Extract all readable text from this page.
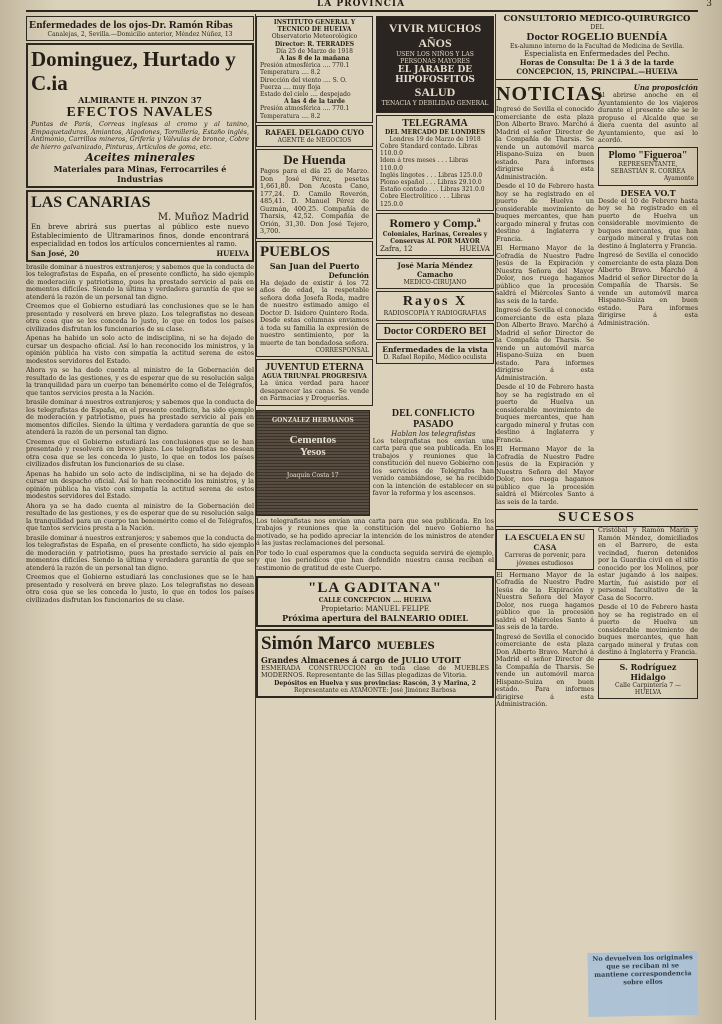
LA PROVINCIA	3
Enfermedades de los ojos-Dr. Ramón Ribas
Canalejas, 2, Sevilla.—Domicilio anterior, Méndez Núñez, 13
Dominguez, Hurtado y C.ia
ALMIRANTE H. PINZON 37
EFECTOS NAVALES
Puntas de París, Correas inglesas al cromo y al tanino, Empaquetaduras, Amiantos, Algodones, Tornillería, Estaño inglés, Antimonio, Carrillos mineros, Grifería y Válvulas de bronce, Cobre de hierro galvanizado, Pinturas, Artículos de goma, etc.
Aceites minerales
Materiales para Minas, Ferrocarriles é Industrias
LAS CANARIAS
M. Muñoz Madrid
En breve abrirá sus puertas al público este nuevo Establecimiento de Ultramarinos finos, donde encontrará especialidad en todos los artículos concernientes al ramo.
San José, 20	HUELVA
brasile dominar á nuestros extranjeros; y sabemos que la conducta de los telegrafistas de España, en el presente conflicto, ha sido ejemplo de moderación y patriotismo, pues ha prestado servicio al país en momentos difíciles. Siendo la última y verdadera garantía de que se atenderá la razón de un personal tan digno.
Creemos que el Gobierno estudiará las conclusiones que se le han presentado y resolverá en breve plazo. Los telegrafistas no desean otra cosa que se les conceda lo justo, lo que en todos los países civilizados disfrutan los funcionarios de su clase.
Apenas ha habido un solo acto de indisciplina, ni se ha dejado de cursar un despacho oficial. Así lo han reconocido los ministros, y la opinión pública ha visto con simpatía la actitud serena de estos modestos servidores del Estado.
Ahora ya se ha dado cuenta al ministro de la Gobernación del resultado de las gestiones, y es de esperar que de su resolución salga la tranquilidad para un cuerpo tan benemérito como el de Telégrafos, que tantos servicios presta a la Nación.
brasile dominar á nuestros extranjeros; y sabemos que la conducta de los telegrafistas de España, en el presente conflicto, ha sido ejemplo de moderación y patriotismo, pues ha prestado servicio al país en momentos difíciles. Siendo la última y verdadera garantía de que se atenderá la razón de un personal tan digno.
Creemos que el Gobierno estudiará las conclusiones que se le han presentado y resolverá en breve plazo. Los telegrafistas no desean otra cosa que se les conceda lo justo, lo que en todos los países civilizados disfrutan los funcionarios de su clase.
Apenas ha habido un solo acto de indisciplina, ni se ha dejado de cursar un despacho oficial. Así lo han reconocido los ministros, y la opinión pública ha visto con simpatía la actitud serena de estos modestos servidores del Estado.
Ahora ya se ha dado cuenta al ministro de la Gobernación del resultado de las gestiones, y es de esperar que de su resolución salga la tranquilidad para un cuerpo tan benemérito como el de Telégrafos, que tantos servicios presta a la Nación.
brasile dominar á nuestros extranjeros; y sabemos que la conducta de los telegrafistas de España, en el presente conflicto, ha sido ejemplo de moderación y patriotismo, pues ha prestado servicio al país en momentos difíciles. Siendo la última y verdadera garantía de que se atenderá la razón de un personal tan digno.
Creemos que el Gobierno estudiará las conclusiones que se le han presentado y resolverá en breve plazo. Los telegrafistas no desean otra cosa que se les conceda lo justo, lo que en todos los países civilizados disfrutan los funcionarios de su clase.
INSTITUTO GENERAL Y TECNICO DE HUELVA
Observatorio Meteorológico
Director: R. TERRADES
Día 25 de Marzo de 1918
A las 8 de la mañana
Presión atmosférica .... 770.1
Temperatura .... 8.2
Dirección del viento .... S. O.
Fuerza .... muy floja
Estado del cielo .... despejado
A las 4 de la tarde
Presión atmosférica .... 770.1
Temperatura .... 8.2
RAFAEL DELGADO CUYO
AGENTE de NEGOCIOS
De Huenda
Pagos para el día 25 de Marzo. Don José Pérez, pesetas 1,661,80. Don Acosta Cano, 177,24. D. Camilo Roverón, 485,41. D. Manuel Pérez de Guzmán, 400,25. Compañía de Tharsis, 42,52. Compañía de Orión, 31,30. Don José Tejero, 3,700.
PUEBLOS
San Juan del Puerto
Defunción
Ha dejado de existir á los 72 años de edad, la respetable señora doña Josefa Roda, madre de nuestro estimado amigo el Doctor D. Isidoro Quintero Roda. Desde estas columnas enviamos á toda su familia la expresión de nuestro sentimiento, por la muerte de tan bondadosa señora.
CORRESPONSAL
JUVENTUD ETERNA
AGUA TRIUNFAL PROGRESIVA
La única verdad para hacer desaparecer las canas. Se vende en Farmacias y Droguerías.
VIVIR MUCHOS AÑOS
USEN LOS NIÑOS Y LAS PERSONAS MAYORES
EL JARABE DE HIPOFOSFITOS
SALUD
TENACIA Y DEBILIDAD GENERAL
TELEGRAMA
DEL MERCADO DE LONDRES
Londres 19 de Marzo de 1918
Cobre Standard contado. Libras 110.0.0
Idem á tres meses . . . Libras 110.0.0
Inglés lingotes . . . Libras 125.0.0
Plomo español . . . Libras 29.10.0
Estaño contado . . . Libras 321.0.0
Cobre Electrolítico . . . Libras 125.0.0
Romero y Comp.ª
Coloniales, Harinas, Cereales y Conservas AL POR MAYOR
Zafra, 12	HUELVA
José María Méndez Camacho
MEDICO-CIRUJANO
Rayos X
RADIOSCOPIA Y RADIOGRAFIAS
Doctor CORDERO BEI
Enfermedades de la vista
D. Rafael Ropiño, Médico oculista
GONZALEZ HERMANOS
Cementos
Yesos
Joaquín Costa 17
DEL CONFLICTO PASADO
Hablan los telegrafistas
Los telegrafistas nos envían una carta para que sea publicada. En los trabajos y reuniones que la constitución del nuevo Gobierno con los servicios de Telégrafos han venido cambiándose, se ha recibido con la intención de establecer en su favor la reforma y los ascensos.
Los telegrafistas nos envían una carta para que sea publicada. En los trabajos y reuniones que la constitución del nuevo Gobierno ha motivado, se ha podido apreciar la intención de los ministros de atender á las justas reclamaciones del personal.
Por todo lo cual esperamos que la conducta seguida servirá de ejemplo, y que los periódicos que han defendido nuestra causa reciban el testimonio de gratitud de este Cuerpo.
"LA GADITANA"
CALLE CONCEPCION .... HUELVA
Propietario: MANUEL FELIPE
Próxima apertura del BALNEARIO ODIEL
Simón Marco MUEBLES
Grandes Almacenes á cargo de JULIO UTOIT
ESMERADA CONSTRUCCION en toda clase de MUEBLES MODERNOS. Representante de las Sillas plegadizas de Vitoria.
Depósitos en Huelva y sus provincias: Rascón, 3 y Marina, 2
Representante en AYAMONTE: José Jiménez Barbosa
CONSULTORIO MÉDICO-QUIRÚRGICO
DEL
Doctor ROGELIO BUENDÍA
Ex-alumno interno de la Facultad de Medicina de Sevilla.
Especialista en Enfermedades del Pecho.
Horas de Consulta: De 1 á 3 de la tarde
CONCEPCION, 15, PRINCIPAL.—HUELVA
NOTICIAS
Ingresó de Sevilla el conocido comerciante de esta plaza Don Alberto Bravo. Marchó á Madrid el señor Director de la Compañía de Tharsis. Se vende un automóvil marca Hispano-Suiza en buen estado. Para informes dirigirse á esta Administración.
Desde el 10 de Febrero hasta hoy se ha registrado en el puerto de Huelva un considerable movimiento de buques mercantes, que han cargado mineral y frutas con destino á Inglaterra y Francia.
El Hermano Mayor de la Cofradía de Nuestro Padre Jesús de la Expiración y Nuestra Señora del Mayor Dolor, nos ruega hagamos público que la procesión saldrá el Miércoles Santo á las seis de la tarde.
Ingresó de Sevilla el conocido comerciante de esta plaza Don Alberto Bravo. Marchó á Madrid el señor Director de la Compañía de Tharsis. Se vende un automóvil marca Hispano-Suiza en buen estado. Para informes dirigirse á esta Administración.
Desde el 10 de Febrero hasta hoy se ha registrado en el puerto de Huelva un considerable movimiento de buques mercantes, que han cargado mineral y frutas con destino á Inglaterra y Francia.
El Hermano Mayor de la Cofradía de Nuestro Padre Jesús de la Expiración y Nuestra Señora del Mayor Dolor, nos ruega hagamos público que la procesión saldrá el Miércoles Santo á las seis de la tarde.
Una proposición
Al abrirse anoche en el Ayuntamiento de los viajeros durante el presente año se le propuso el Alcalde que se diera cuenta del asunto al Ayuntamiento, que así lo acordó.
Plomo "Figueroa"
REPRESENTANTE, SEBASTIÁN R. CORREA
Ayamonte
DESEA VO.T
Desde el 10 de Febrero hasta hoy se ha registrado en el puerto de Huelva un considerable movimiento de buques mercantes, que han cargado mineral y frutas con destino á Inglaterra y Francia.
Ingresó de Sevilla el conocido comerciante de esta plaza Don Alberto Bravo. Marchó á Madrid el señor Director de la Compañía de Tharsis. Se vende un automóvil marca Hispano-Suiza en buen estado. Para informes dirigirse á esta Administración.
SUCESOS
LA ESCUELA EN SU CASA
Carreras de porvenir, para jóvenes estudiosos
El Hermano Mayor de la Cofradía de Nuestro Padre Jesús de la Expiración y Nuestra Señora del Mayor Dolor, nos ruega hagamos público que la procesión saldrá el Miércoles Santo á las seis de la tarde.
Ingresó de Sevilla el conocido comerciante de esta plaza Don Alberto Bravo. Marchó á Madrid el señor Director de la Compañía de Tharsis. Se vende un automóvil marca Hispano-Suiza en buen estado. Para informes dirigirse á esta Administración.
Cristóbal y Ramón Marín y Ramón Méndez, domiciliados en el Barrero, de esta vecindad, fueron detenidos por la Guardia civil en el sitio conocido por los Molinos, por estar jugando á los naipes. Martín, fué asistido por el personal facultativo de la Casa de Socorro.
Desde el 10 de Febrero hasta hoy se ha registrado en el puerto de Huelva un considerable movimiento de buques mercantes, que han cargado mineral y frutas con destino á Inglaterra y Francia.
S. Rodríguez Hidalgo
Calle Carpintería 7 — HUELVA

No devuelven los originales que se reciban ni se mantiene correspondencia sobre ellos
